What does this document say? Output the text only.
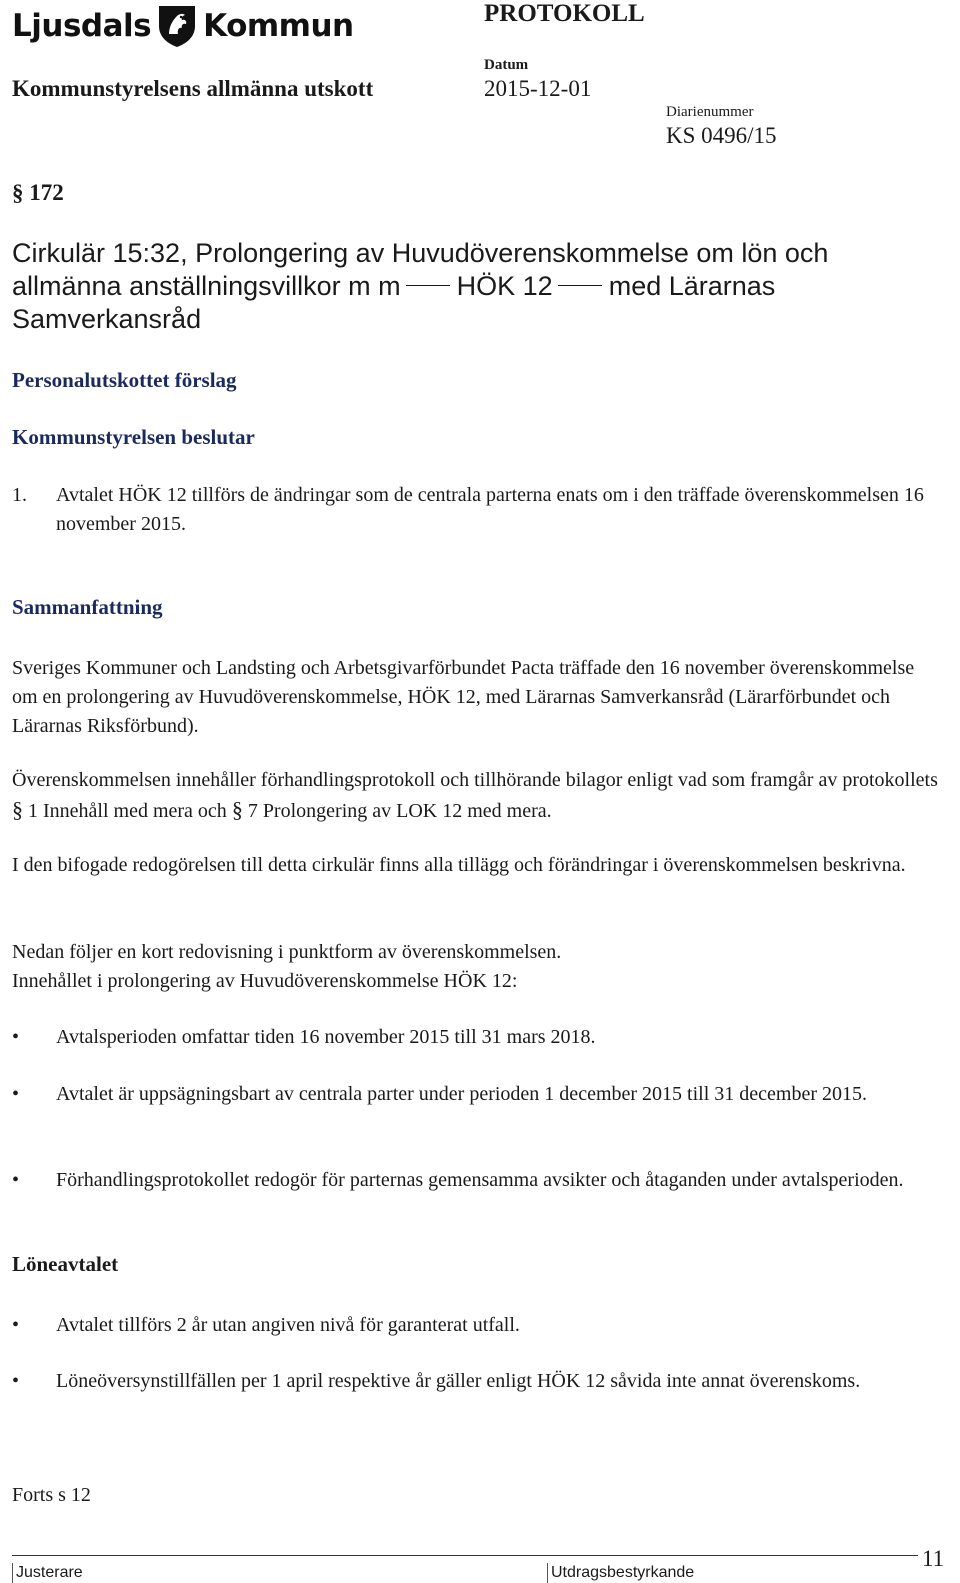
Ljusdals Kommun	PROTOKOLL
Kommunstyrelsens allmänna utskott
Datum
2015-12-01
Diarienummer
KS 0496/15
§ 172
Cirkulär 15:32, Prolongering av Huvudöverenskommelse om lön och
allmänna anställningsvillkor m m HÖK 12 med Lärarnas
Samverkansråd
Personalutskottet förslag
Kommunstyrelsen beslutar
1.	Avtalet HÖK 12 tillförs de ändringar som de centrala parterna enats om i den träffade överenskommelsen 16 november 2015.
Sammanfattning
Sveriges Kommuner och Landsting och Arbetsgivarförbundet Pacta träffade den 16 november överenskommelse om en prolongering av Huvudöverenskommelse, HÖK 12, med Lärarnas Samverkansråd (Lärarförbundet och Lärarnas Riksförbund).
Överenskommelsen innehåller förhandlingsprotokoll och tillhörande bilagor enligt vad som framgår av protokollets § 1 Innehåll med mera och § 7 Prolongering av LOK 12 med mera.
I den bifogade redogörelsen till detta cirkulär finns alla tillägg och förändringar i överenskommelsen beskrivna.
Nedan följer en kort redovisning i punktform av överenskommelsen.
Innehållet i prolongering av Huvudöverenskommelse HÖK 12:
•	Avtalsperioden omfattar tiden 16 november 2015 till 31 mars 2018.
•	Avtalet är uppsägningsbart av centrala parter under perioden 1 december 2015 till 31 december 2015.
•	Förhandlingsprotokollet redogör för parternas gemensamma avsikter och åtaganden under avtalsperioden.
Löneavtalet
•	Avtalet tillförs 2 år utan angiven nivå för garanterat utfall.
•	Löneöversynstillfällen per 1 april respektive år gäller enligt HÖK 12 såvida inte annat överenskoms.
Forts s 12
Justerare	Utdragsbestyrkande
11
